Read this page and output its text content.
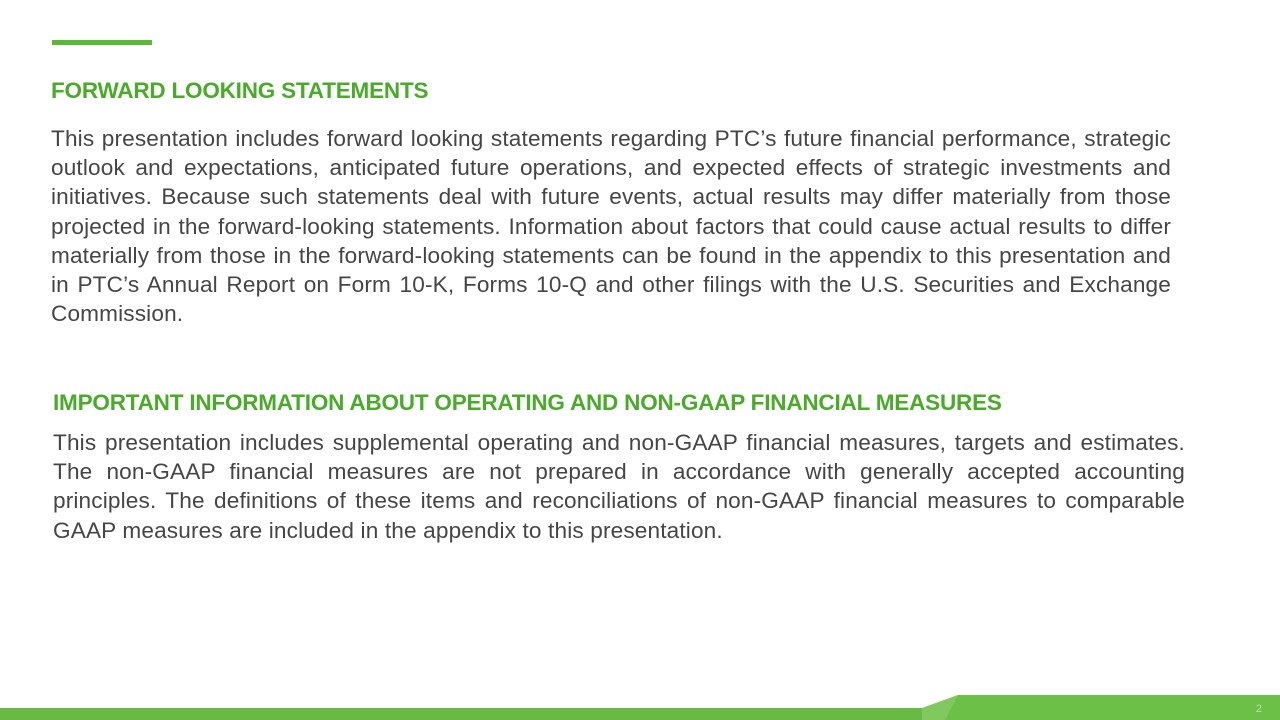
FORWARD LOOKING STATEMENTS

This presentation includes forward looking statements regarding PTC’s future financial performance, strategic outlook and expectations, anticipated future operations, and expected effects of strategic investments and initiatives. Because such statements deal with future events, actual results may differ materially from those projected in the forward-looking statements. Information about factors that could cause actual results to differ materially from those in the forward-looking statements can be found in the appendix to this presentation and in PTC’s Annual Report on Form 10-K, Forms 10-Q and other filings with the U.S. Securities and Exchange Commission.

IMPORTANT INFORMATION ABOUT OPERATING AND NON-GAAP FINANCIAL MEASURES

This presentation includes supplemental operating and non-GAAP financial measures, targets and estimates. The non-GAAP financial measures are not prepared in accordance with generally accepted accounting principles. The definitions of these items and reconciliations of non-GAAP financial measures to comparable GAAP measures are included in the appendix to this presentation.

2
